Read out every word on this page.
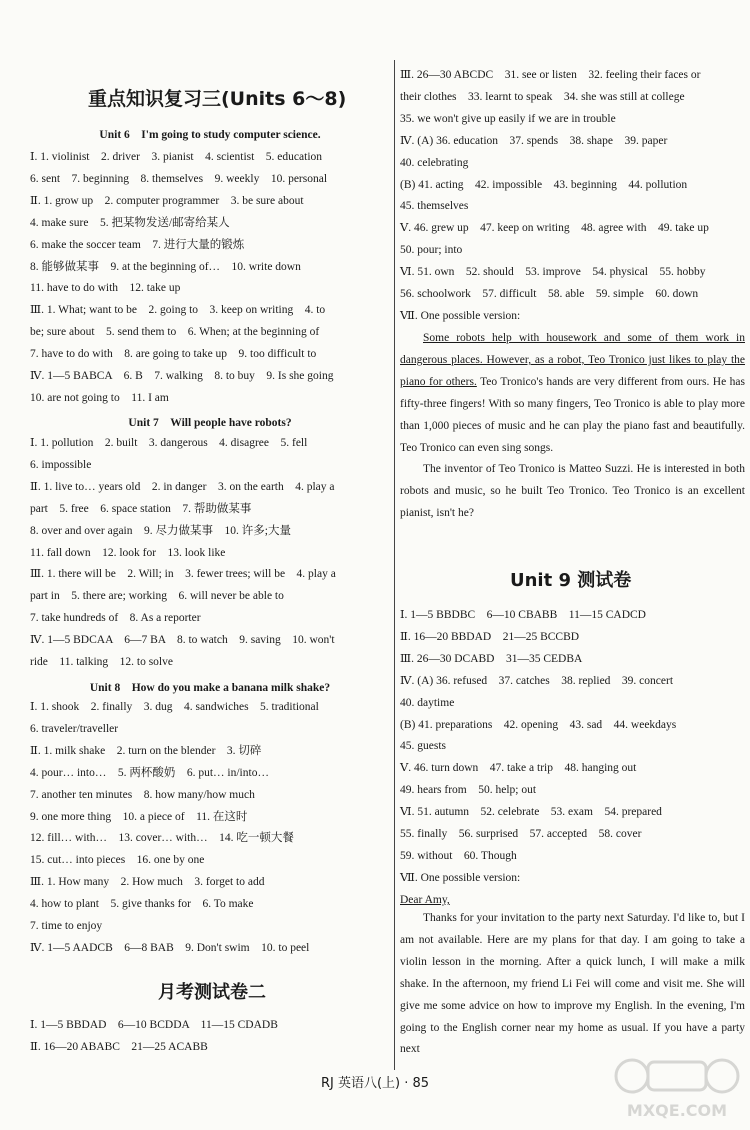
重点知识复习三(Units 6～8)
Unit 6　I'm going to study computer science.
Ⅰ. 1. violinist　2. driver　3. pianist　4. scientist　5. education
6. sent　7. beginning　8. themselves　9. weekly　10. personal
Ⅱ. 1. grow up　2. computer programmer　3. be sure about
4. make sure　5. 把某物发送/邮寄给某人
6. make the soccer team　7. 进行大量的锻炼
8. 能够做某事　9. at the beginning of…　10. write down
11. have to do with　12. take up
Ⅲ. 1. What; want to be　2. going to　3. keep on writing　4. to
be; sure about　5. send them to　6. When; at the beginning of
7. have to do with　8. are going to take up　9. too difficult to
Ⅳ. 1—5 BABCA　6. B　7. walking　8. to buy　9. Is she going
10. are not going to　11. I am
Unit 7　Will people have robots?
Ⅰ. 1. pollution　2. built　3. dangerous　4. disagree　5. fell
6. impossible
Ⅱ. 1. live to… years old　2. in danger　3. on the earth　4. play a
part　5. free　6. space station　7. 帮助做某事
8. over and over again　9. 尽力做某事　10. 许多;大量
11. fall down　12. look for　13. look like
Ⅲ. 1. there will be　2. Will; in　3. fewer trees; will be　4. play a
part in　5. there are; working　6. will never be able to
7. take hundreds of　8. As a reporter
Ⅳ. 1—5 BDCAA　6—7 BA　8. to watch　9. saving　10. won't
ride　11. talking　12. to solve
Unit 8　How do you make a banana milk shake?
Ⅰ. 1. shook　2. finally　3. dug　4. sandwiches　5. traditional
6. traveler/traveller
Ⅱ. 1. milk shake　2. turn on the blender　3. 切碎
4. pour… into…　5. 两杯酸奶　6. put… in/into…
7. another ten minutes　8. how many/how much
9. one more thing　10. a piece of　11. 在这时
12. fill… with…　13. cover… with…　14. 吃一顿大餐
15. cut… into pieces　16. one by one
Ⅲ. 1. How many　2. How much　3. forget to add
4. how to plant　5. give thanks for　6. To make
7. time to enjoy
Ⅳ. 1—5 AADCB　6—8 BAB　9. Don't swim　10. to peel
月考测试卷二
Ⅰ. 1—5 BBDAD　6—10 BCDDA　11—15 CDADB
Ⅱ. 16—20 ABABC　21—25 ACABB
Ⅲ. 26—30 ABCDC　31. see or listen　32. feeling their faces or
their clothes　33. learnt to speak　34. she was still at college
35. we won't give up easily if we are in trouble
Ⅳ. (A) 36. education　37. spends　38. shape　39. paper
40. celebrating
(B) 41. acting　42. impossible　43. beginning　44. pollution
45. themselves
Ⅴ. 46. grew up　47. keep on writing　48. agree with　49. take up
50. pour; into
Ⅵ. 51. own　52. should　53. improve　54. physical　55. hobby
56. schoolwork　57. difficult　58. able　59. simple　60. down
Ⅶ. One possible version:

Some robots help with housework and some of them work in dangerous places. However, as a robot, Teo Tronico just likes to play the piano for others. Teo Tronico's hands are very different from ours. He has fifty-three fingers! With so many fingers, Teo Tronico is able to play more than 1,000 pieces of music and he can play the piano fast and beautifully. Teo Tronico can even sing songs.

The inventor of Teo Tronico is Matteo Suzzi. He is interested in both robots and music, so he built Teo Tronico. Teo Tronico is an excellent pianist, isn't he?

Unit 9 测试卷
Ⅰ. 1—5 BBDBC　6—10 CBABB　11—15 CADCD
Ⅱ. 16—20 BBDAD　21—25 BCCBD
Ⅲ. 26—30 DCABD　31—35 CEDBA
Ⅳ. (A) 36. refused　37. catches　38. replied　39. concert
40. daytime
(B) 41. preparations　42. opening　43. sad　44. weekdays
45. guests
Ⅴ. 46. turn down　47. take a trip　48. hanging out
49. hears from　50. help; out
Ⅵ. 51. autumn　52. celebrate　53. exam　54. prepared
55. finally　56. surprised　57. accepted　58. cover
59. without　60. Though
Ⅶ. One possible version:
Dear Amy,

Thanks for your invitation to the party next Saturday. I'd like to, but I am not available. Here are my plans for that day. I am going to take a violin lesson in the morning. After a quick lunch, I will make a milk shake. In the afternoon, my friend Li Fei will come and visit me. She will give me some advice on how to improve my English. In the evening, I'm going to the English corner near my home as usual. If you have a party next

RJ 英语八(上) · 85
MXQE.COM
